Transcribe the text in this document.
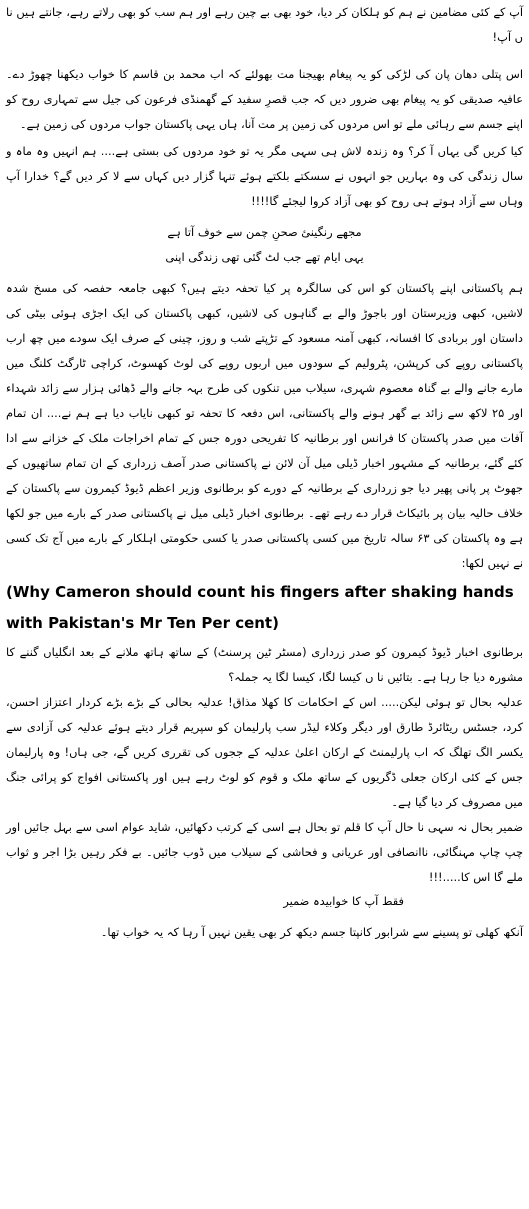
آپ کے کئی مضامین نے ہم کو ہلکان کر دیا، خود بھی بے چین رہے اور ہم سب کو بھی رلاتے رہے، جانتے ہیں نا ں آپ!

اس پتلی دھان پان کی لڑکی کو یہ پیغام بھیجنا مت بھولئے کہ اب محمد بن قاسم کا خواب دیکھنا چھوڑ دے۔ عافیہ صدیقی کو یہ پیغام بھی ضرور دیں کہ جب قصرِ سفید کے گھمنڈی فرعون کی جیل سے تمہاری روح کو اپنے جسم سے رہائی ملے تو اس مردوں کی زمین پر مت آنا، ہاں یہی پاکستان جواب مردوں کی زمین ہے۔

کیا کریں گی یہاں آ کر؟ وہ زندہ لاش ہی سہی مگر یہ تو خود مردوں کی بستی ہے.... ہم انہیں وہ ماہ و سال زندگی کی وہ بہاریں جو انہوں نے سسکتے بلکتے ہوئے تنہا گزار دیں کہاں سے لا کر دیں گے؟ خدارا آپ وہاں سے آزاد ہوتے ہی روح کو بھی آزاد کروا لیجئے گا!!!!

مجھے رنگینیٔ صحنِ چمن سے خوف آتا ہے

یہی ایام تھے جب لٹ گئی تھی زندگی اپنی

ہم پاکستانی اپنے پاکستان کو اس کی سالگرہ پر کیا تحفہ دیتے ہیں؟ کبھی جامعہ حفصہ کی مسخ شدہ لاشیں، کبھی وزیرستان اور باجوڑ والے بے گناہوں کی لاشیں، کبھی پاکستان کی ایک اجڑی ہوئی بیٹی کی داستان اور بربادی کا افسانہ، کبھی آمنہ مسعود کے تڑپتے شب و روز، چینی کے صرف ایک سودے میں چھ ارب پاکستانی روپے کی کرپشن، پٹرولیم کے سودوں میں اربوں روپے کی لوٹ کھسوٹ، کراچی ٹارگٹ کلنگ میں مارے جانے والے بے گناہ معصوم شہری، سیلاب میں تنکوں کی طرح بہہ جانے والے ڈھائی ہزار سے زائد شہداء اور ۲۵ لاکھ سے زائد بے گھر ہونے والے پاکستانی، اس دفعہ کا تحفہ تو کبھی نایاب دیا ہے ہم نے.... ان تمام آفات میں صدر پاکستان کا فرانس اور برطانیہ کا تفریحی دورہ جس کے تمام اخراجات ملک کے خزانے سے ادا کئے گئے، برطانیہ کے مشہور اخبار ڈیلی میل آن لائن نے پاکستانی صدر آصف زرداری کے ان تمام ساتھیوں کے جھوٹ پر پانی پھیر دیا جو زرداری کے برطانیہ کے دورے کو برطانوی وزیر اعظم ڈیوڈ کیمرون سے پاکستان کے خلاف حالیہ بیان پر بائیکاٹ قرار دے رہے تھے۔ برطانوی اخبار ڈیلی میل نے پاکستانی صدر کے بارے میں جو لکھا ہے وہ پاکستان کی ۶۳ سالہ تاریخ میں کسی پاکستانی صدر یا کسی حکومتی اہلکار کے بارے میں آج تک کسی نے نہیں لکھا:

(Why Cameron should count his fingers after shaking hands

with Pakistan's Mr Ten Per cent)

برطانوی اخبار ڈیوڈ کیمرون کو صدر زرداری (مسٹر ٹین پرسنٹ) کے ساتھ ہاتھ ملانے کے بعد انگلیاں گننے کا مشورہ دیا جا رہا ہے۔ بتائیں نا ں کیسا لگا، کیسا لگا یہ جملہ؟

عدلیہ بحال تو ہوئی لیکن..... اس کے احکامات کا کھلا مذاق! عدلیہ بحالی کے بڑے بڑے کردار اعتزاز احسن، کرد، جسٹس ریٹائرڈ طارق اور دیگر وکلاء لیڈر سب پارلیمان کو سپریم قرار دیتے ہوئے عدلیہ کی آزادی سے یکسر الگ تھلگ کہ اب پارلیمنٹ کے ارکان اعلیٰ عدلیہ کے ججوں کی تقرری کریں گے، جی ہاں! وہ پارلیمان جس کے کئی ارکان جعلی ڈگریوں کے ساتھ ملک و قوم کو لوٹ رہے ہیں اور پاکستانی افواج کو پرائی جنگ میں مصروف کر دیا گیا ہے۔

ضمیر بحال نہ سہی نا حال آپ کا قلم تو بحال ہے اسی کے کرتب دکھائیں، شاید عوام اسی سے بہل جائیں اور چپ چاپ مہنگائی، ناانصافی اور عریانی و فحاشی کے سیلاب میں ڈوب جائیں۔ بے فکر رہیں بڑا اجر و ثواب ملے گا اس کا.....!!!

فقط آپ کا خوابیدہ ضمیر

آنکھ کھلی تو پسینے سے شرابور کانپتا جسم دیکھ کر بھی یقین نہیں آ رہا کہ یہ خواب تھا۔
